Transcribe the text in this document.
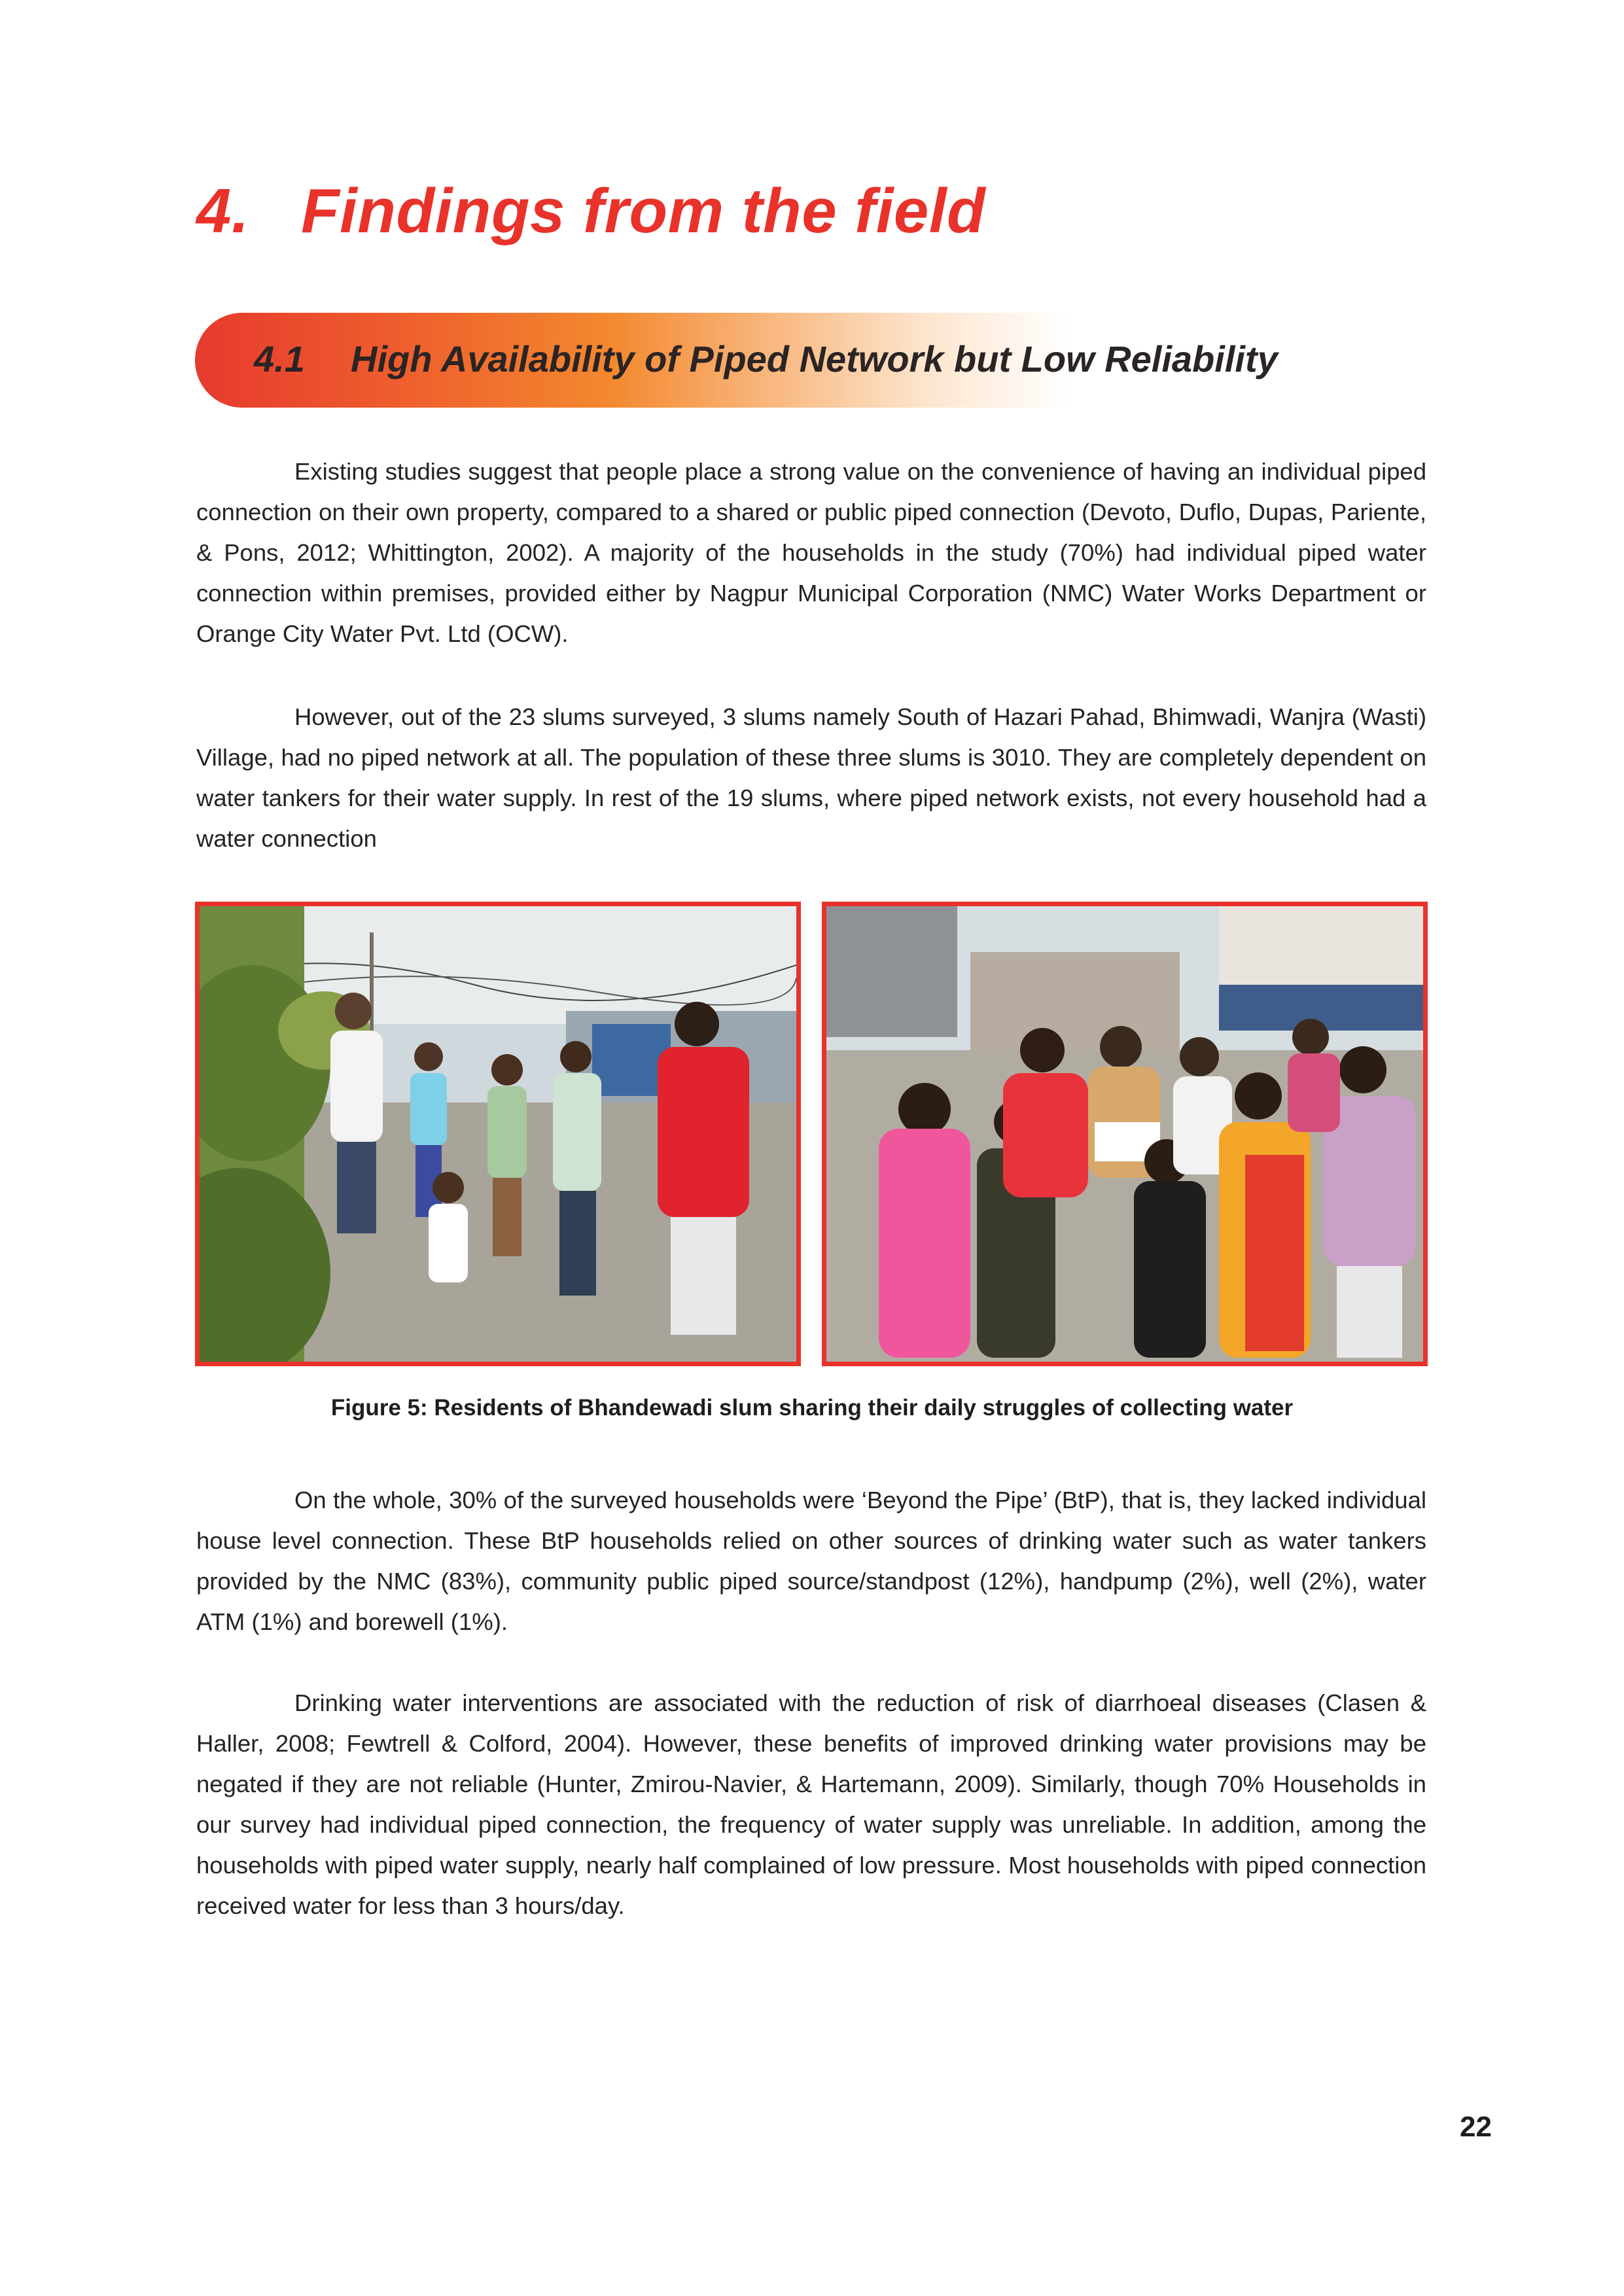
4. Findings from the field
4.1 High Availability of Piped Network but Low Reliability

Existing studies suggest that people place a strong value on the convenience of having an individual piped connection on their own property, compared to a shared or public piped connection (Devoto, Duflo, Dupas, Pariente, & Pons, 2012; Whittington, 2002). A majority of the households in the study (70%) had individual piped water connection within premises, provided either by Nagpur Municipal Corporation (NMC) Water Works Department or Orange City Water Pvt. Ltd (OCW).

However, out of the 23 slums surveyed, 3 slums namely South of Hazari Pahad, Bhimwadi, Wanjra (Wasti) Village, had no piped network at all. The population of these three slums is 3010. They are completely dependent on water tankers for their water supply. In rest of the 19 slums, where piped network exists, not every household had a water connection

Figure 5: Residents of Bhandewadi slum sharing their daily struggles of collecting water

On the whole, 30% of the surveyed households were ‘Beyond the Pipe’ (BtP), that is, they lacked individual house level connection. These BtP households relied on other sources of drinking water such as water tankers provided by the NMC (83%), community public piped source/standpost (12%), handpump (2%), well (2%), water ATM (1%) and borewell (1%).

Drinking water interventions are associated with the reduction of risk of diarrhoeal diseases (Clasen & Haller, 2008; Fewtrell & Colford, 2004). However, these benefits of improved drinking water provisions may be negated if they are not reliable (Hunter, Zmirou-Navier, & Hartemann, 2009). Similarly, though 70% Households in our survey had individual piped connection, the frequency of water supply was unreliable. In addition, among the households with piped water supply, nearly half complained of low pressure. Most households with piped connection received water for less than 3 hours/day.

22
